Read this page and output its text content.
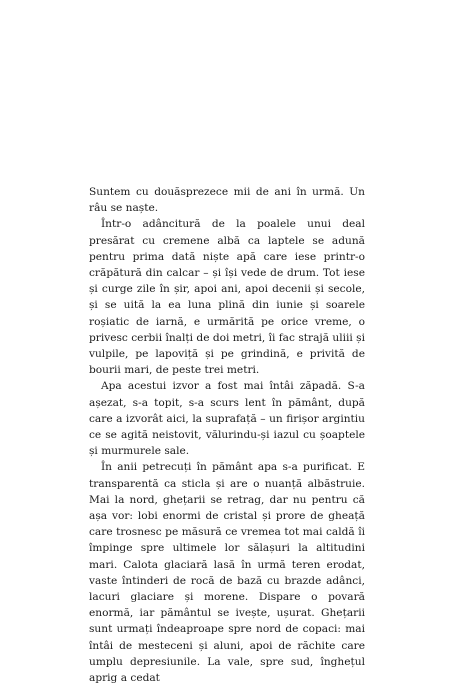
Suntem cu douăsprezece mii de ani în urmă. Un râu se naște.

Într-o adâncitură de la poalele unui deal presărat cu cremene albă ca laptele se adună pentru prima dată niște apă care iese printr-o crăpătură din calcar – și își vede de drum. Tot iese și curge zile în șir, apoi ani, apoi decenii și secole, și se uită la ea luna plină din iunie și soarele roșiatic de iarnă, e urmărită pe orice vreme, o privesc cerbii înalți de doi metri, îi fac strajă uliii și vulpile, pe lapoviță și pe grindină, e privită de bourii mari, de peste trei metri.

Apa acestui izvor a fost mai întâi zăpadă. S-a așezat, s-a topit, s-a scurs lent în pământ, după care a izvorât aici, la suprafață – un firișor argintiu ce se agită neistovit, vălurindu-și iazul cu șoaptele și murmurele sale.

În anii petrecuți în pământ apa s-a purificat. E transparentă ca sticla și are o nuanță albăstruie. Mai la nord, ghețarii se retrag, dar nu pentru că așa vor: lobi enormi de cristal și prore de gheață care trosnesc pe măsură ce vremea tot mai caldă îi împinge spre ultimele lor sălașuri la altitudini mari. Calota glaciară lasă în urmă teren erodat, vaste întinderi de rocă de bază cu brazde adânci, lacuri glaciare și morene. Dispare o povară enormă, iar pământul se ivește, ușurat. Ghețarii sunt urmați îndeaproape spre nord de copaci: mai întâi de mesteceni și aluni, apoi de răchite care umplu depresiunile. La vale, spre sud, înghețul aprig a cedat
